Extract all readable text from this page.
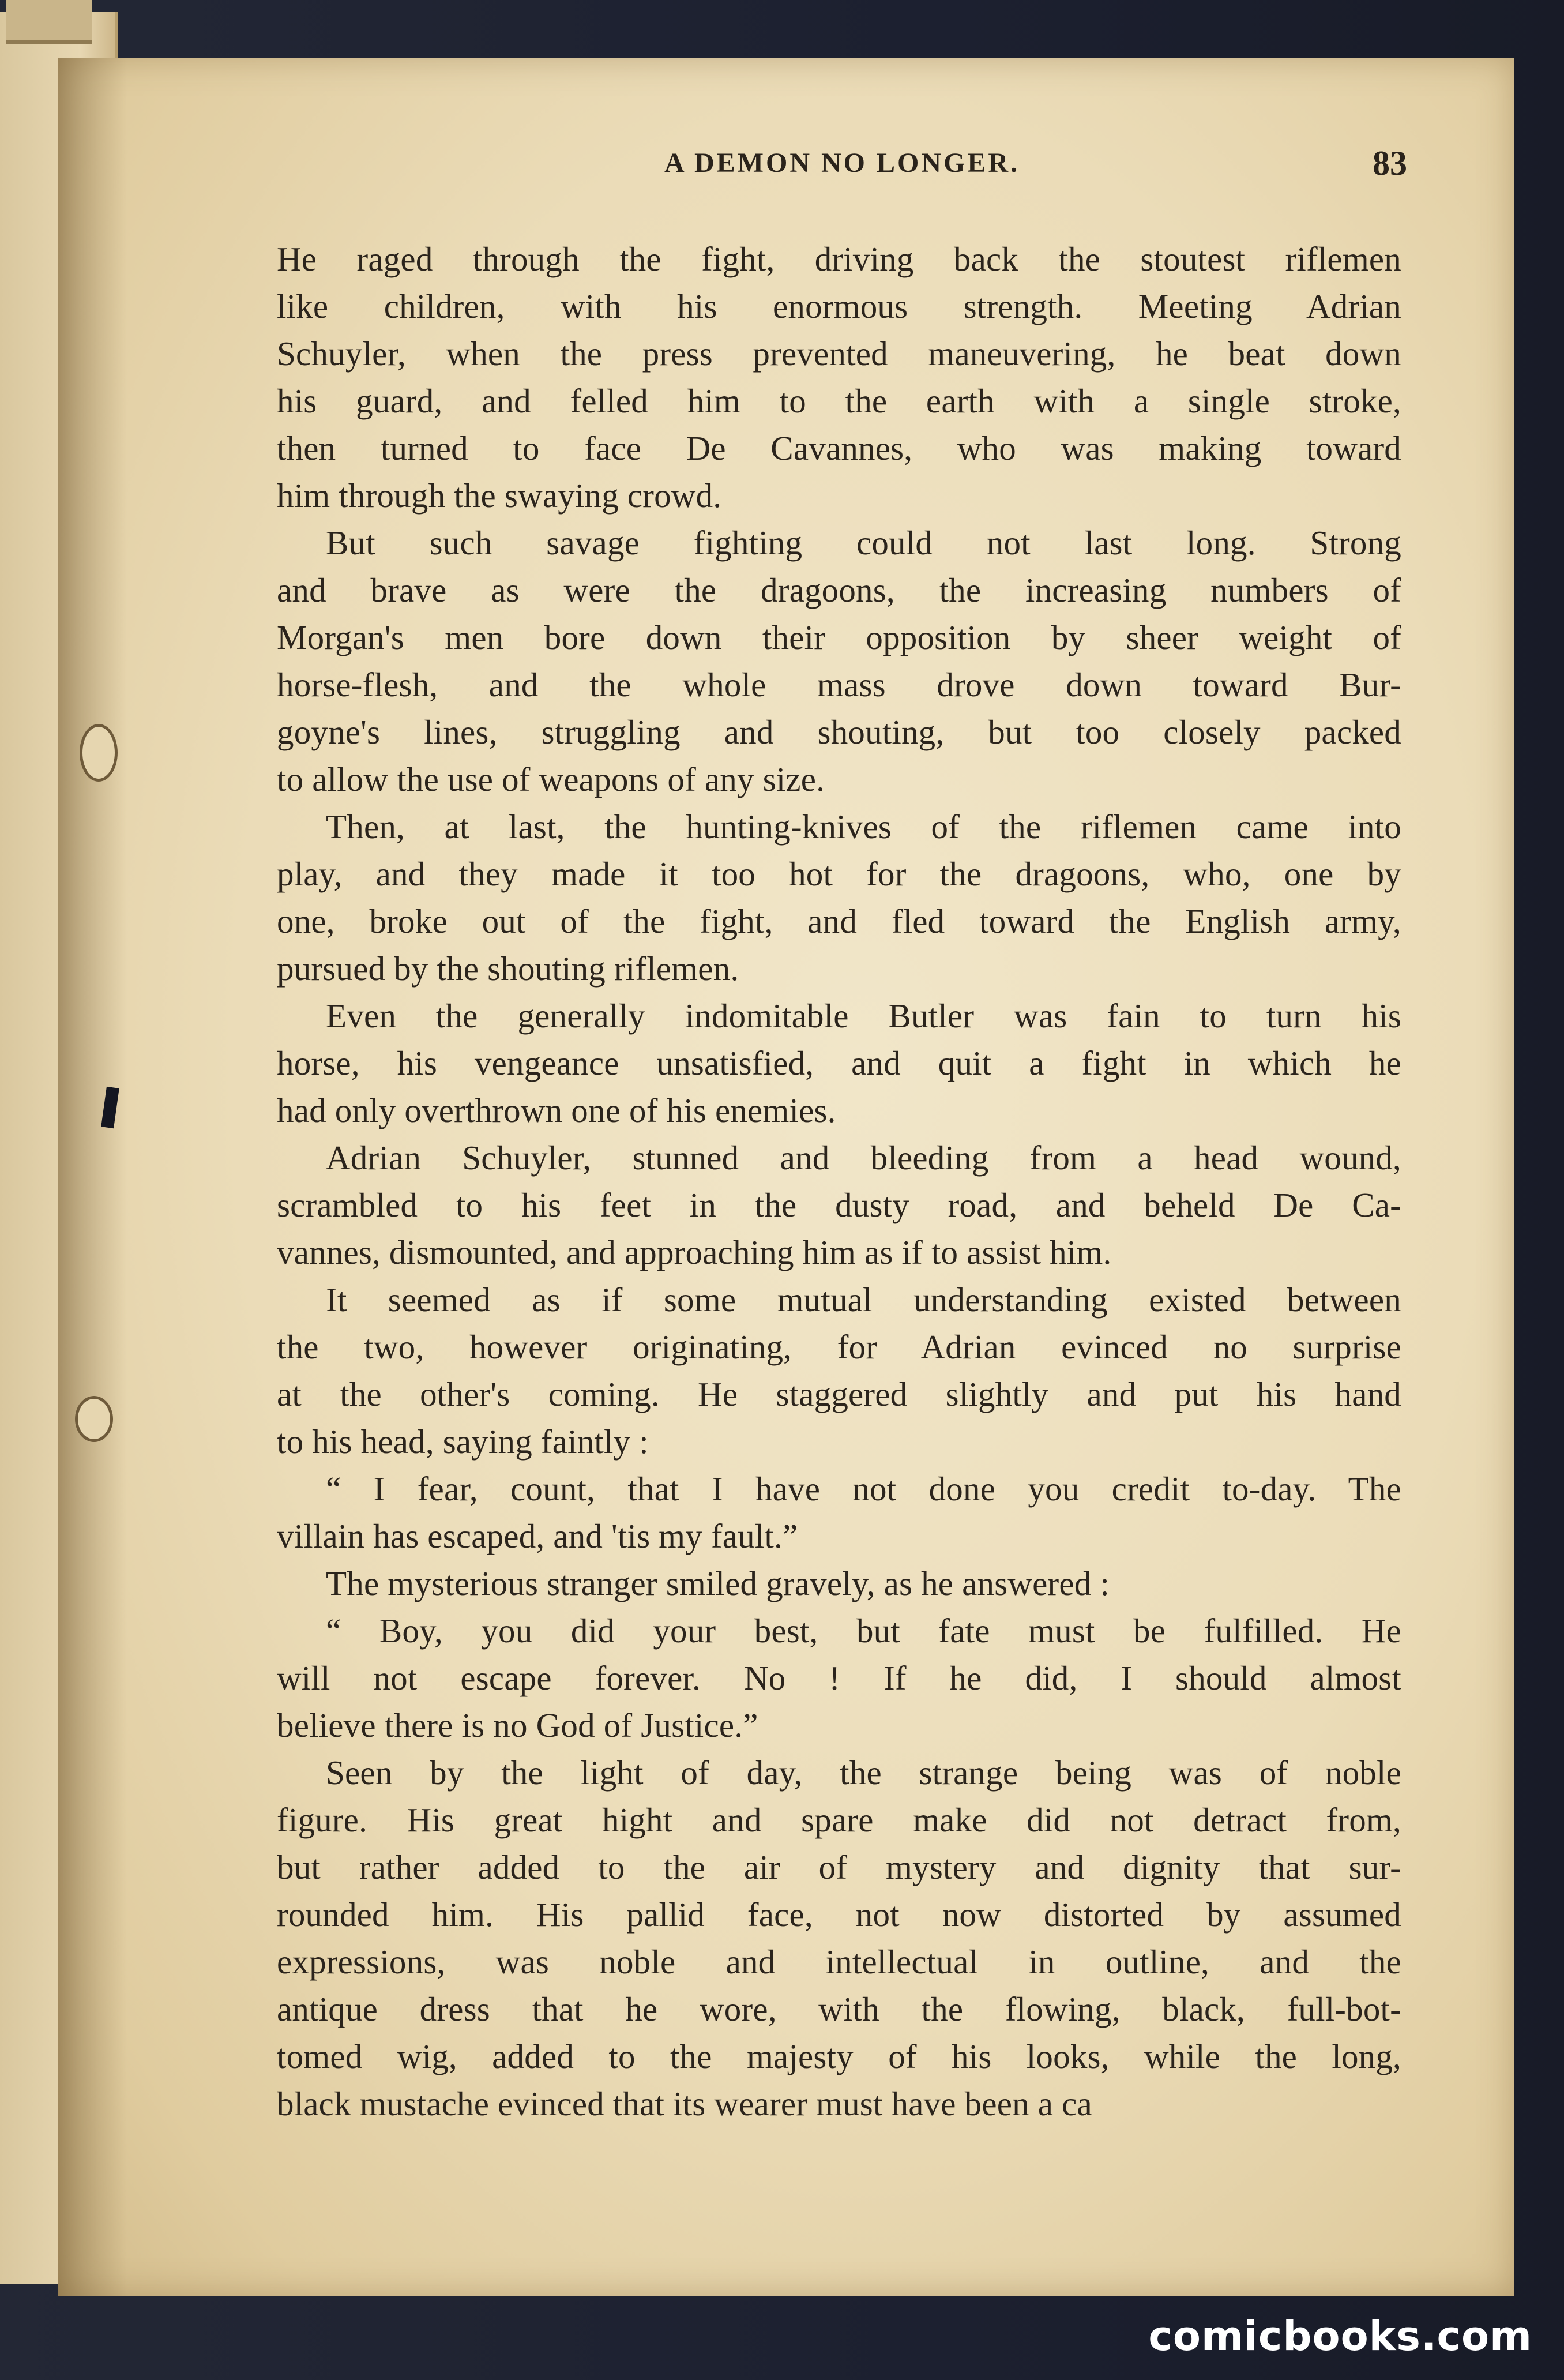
A DEMON NO LONGER.	83
He raged through the fight, driving back the stoutest riflemen
like children, with his enormous strength. Meeting Adrian
Schuyler, when the press prevented maneuvering, he beat down
his guard, and felled him to the earth with a single stroke,
then turned to face De Cavannes, who was making toward
him through the swaying crowd.
But such savage fighting could not last long. Strong
and brave as were the dragoons, the increasing numbers of
Morgan's men bore down their opposition by sheer weight of
horse-flesh, and the whole mass drove down toward Bur-
goyne's lines, struggling and shouting, but too closely packed
to allow the use of weapons of any size.
Then, at last, the hunting-knives of the riflemen came into
play, and they made it too hot for the dragoons, who, one by
one, broke out of the fight, and fled toward the English army,
pursued by the shouting riflemen.
Even the generally indomitable Butler was fain to turn his
horse, his vengeance unsatisfied, and quit a fight in which he
had only overthrown one of his enemies.
Adrian Schuyler, stunned and bleeding from a head wound,
scrambled to his feet in the dusty road, and beheld De Ca-
vannes, dismounted, and approaching him as if to assist him.
It seemed as if some mutual understanding existed between
the two, however originating, for Adrian evinced no surprise
at the other's coming. He staggered slightly and put his hand
to his head, saying faintly :
“ I fear, count, that I have not done you credit to-day. The
villain has escaped, and 'tis my fault.”
The mysterious stranger smiled gravely, as he answered :
“ Boy, you did your best, but fate must be fulfilled. He
will not escape forever. No ! If he did, I should almost
believe there is no God of Justice.”
Seen by the light of day, the strange being was of noble
figure. His great hight and spare make did not detract from,
but rather added to the air of mystery and dignity that sur-
rounded him. His pallid face, not now distorted by assumed
expressions, was noble and intellectual in outline, and the
antique dress that he wore, with the flowing, black, full-bot-
tomed wig, added to the majesty of his looks, while the long,
black mustache evinced that its wearer must have been a ca
comicbooks.com
